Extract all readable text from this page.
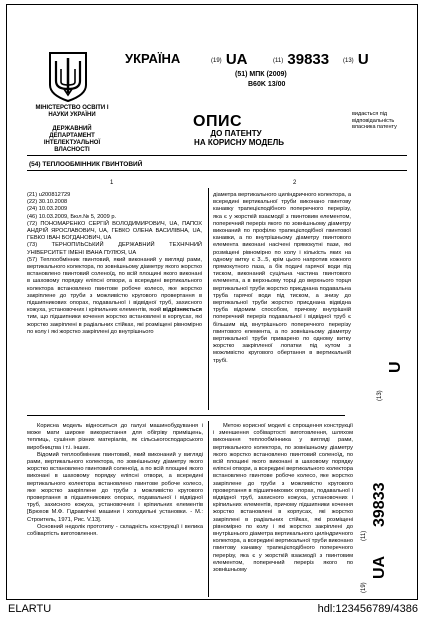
УКРАЇНА
МІНІСТЕРСТВО ОСВІТИ І НАУКИ УКРАЇНИ
ДЕРЖАВНИЙ ДЕПАРТАМЕНТ ІНТЕЛЕКТУАЛЬНОЇ ВЛАСНОСТІ
(19) UA	(11) 39833 (13) U
(51) МПК (2009)
B60K 13/00
ОПИС
ДО ПАТЕНТУ
НА КОРИСНУ МОДЕЛЬ
видається під відповідальність власника патенту
(54) ТЕПЛООБМІННИК ГВИНТОВИЙ
1	2

(21) u200812729

(22) 30.10.2008

(24) 10.03.2009

(46) 10.03.2009, Бюл.№ 5, 2009 р.

(72) ПОНОМАРЕНКО СЕРГІЙ ВОЛОДИМИРОВИЧ, UA, ПАПОХ АНДРІЙ ЯРОСЛАВОВИЧ, UA, ГЕВКО ОЛЕНА ВАСИЛІВНА, UA, ГЕВКО ІВАН БОГДАНОВИЧ, UA

(73) ТЕРНОПІЛЬСЬКИЙ ДЕРЖАВНИЙ ТЕХНІЧНИЙ УНІВЕРСИТЕТ ІМЕНІ ІВАНА ПУЛЮЯ, UA

(57) Теплообмінник гвинтовий, який виконаний у вигляді рами, вертикального колектора, по зовнішньому діаметру якого жорстко встановлено гвинтовий соленоїд, по всій площині якого виконані в шаховому порядку еліпсні отвори, а всередині вертикального колектора встановлено гвинтове робоче колесо, яке жорстко закріплене до труби з можливістю кругового провертання в підшипникових опорах, подавальної і відвідної труб, захисного кожуха, установочних і кріпильних елементів, який відрізняється тим, що підшипники кочення жорстко встановлені в корпусах, які жорстко закріплені в радіальних стійках, які розміщені рівномірно по колу і які жорстко закріплені до внутрішнього

діаметра вертикального циліндричного колектора, а всередині вертикальної труби виконано гвинтову канавку трапецієподібного поперечного перерізу, яка є у жорсткій взаємодії з гвинтовим елементом, поперечний переріз якого по зовнішньому діаметру виконаний по профілю трапецієподібної гвинтової канавки, а по внутрішньому діаметру гвинтового елемента виконані насічені прямокутні пази, які розміщені рівномірно по колу і кількість яких на одному витку є 3...5, крім цього напротив кожного прямокутного паза, а бік подачі гарячої води під тиском, виконаний суцільна частина гвинтового елемента, а в верхньому торці до верхнього торця вертикальної труби жорстко приєднана подавальна труба гарячої води під тиском, а знизу до вертикальної труби жорстко приєднана відвідна труба відомим способом, причому внутрішній поперечний переріз подавальної і відвідної труб є більшим від внутрішнього поперечного перерізу гвинтового елемента, а по зовнішньому діаметру вертикальної труби приварено по одному витку жорстко закріпленої лопатки під кутом з можливістю кругового обертання в вертикальній трубі.

Корисна модель відноситься до галузі машинобудування і може мати широке використання для обігріву приміщень, теплиць, сушіння різних матеріалів, як сільськогосподарського виробництва і т.і. інших.

Відомий теплообмінник гвинтовий, який виконаний у вигляді рами, вертикального колектора, по зовнішньому діаметру якого жорстко встановлено гвинтовий соленоїд, а по всій площині якого виконані в шаховому порядку еліпсні отвори, а всередині вертикального колектора встановлено гвинтове робоче колесо, яке жорстко закріплене до труби з можливістю кругового провертання в підшипникових опорах, подавальної і відвідної труб, захисного кожуха, установочних і кріпильних елементів [Брюхов М.Ф. Гідравлічні машини і холодильні установки. - М.: Строитель, 1971, Рис. V.13].

Основний недолік прототипу - складність конструкції і велика собівартість виготовлення.

Метою корисної моделі є спрощення конструкції і зменшення собівартості виготовлення, шляхом виконання теплообмінника у вигляді рами, вертикального колектора, по зовнішньому діаметру якого жорстко встановлено гвинтовий соленоїд, по всій площині якого виконані в шаховому порядку еліпсні отвори, а всередині вертикального колектора встановлено гвинтове робоче колесо, яке жорстко закріплене до труби з можливістю кругового провертання в підшипникових опорах, подавальної і відвідної труб, захисного кожуха, установочних і кріпильних елементів, причому підшипники кочення жорстко встановлені в корпусах, які жорстко закріплені в радіальних стійках, які розміщені рівномірно по колу і які жорстко закріплені до внутрішнього діаметра вертикального циліндричного колектора, а всередині вертикальної труби виконано гвинтову канавку трапецієподібного поперечного перерізу, яка є у жорсткій взаємодії з гвинтовим елементом, поперечний переріз якого по зовнішньому

(13)
U
(19)
UA
(11)
39833
ELARTU	hdl:123456789/4386
